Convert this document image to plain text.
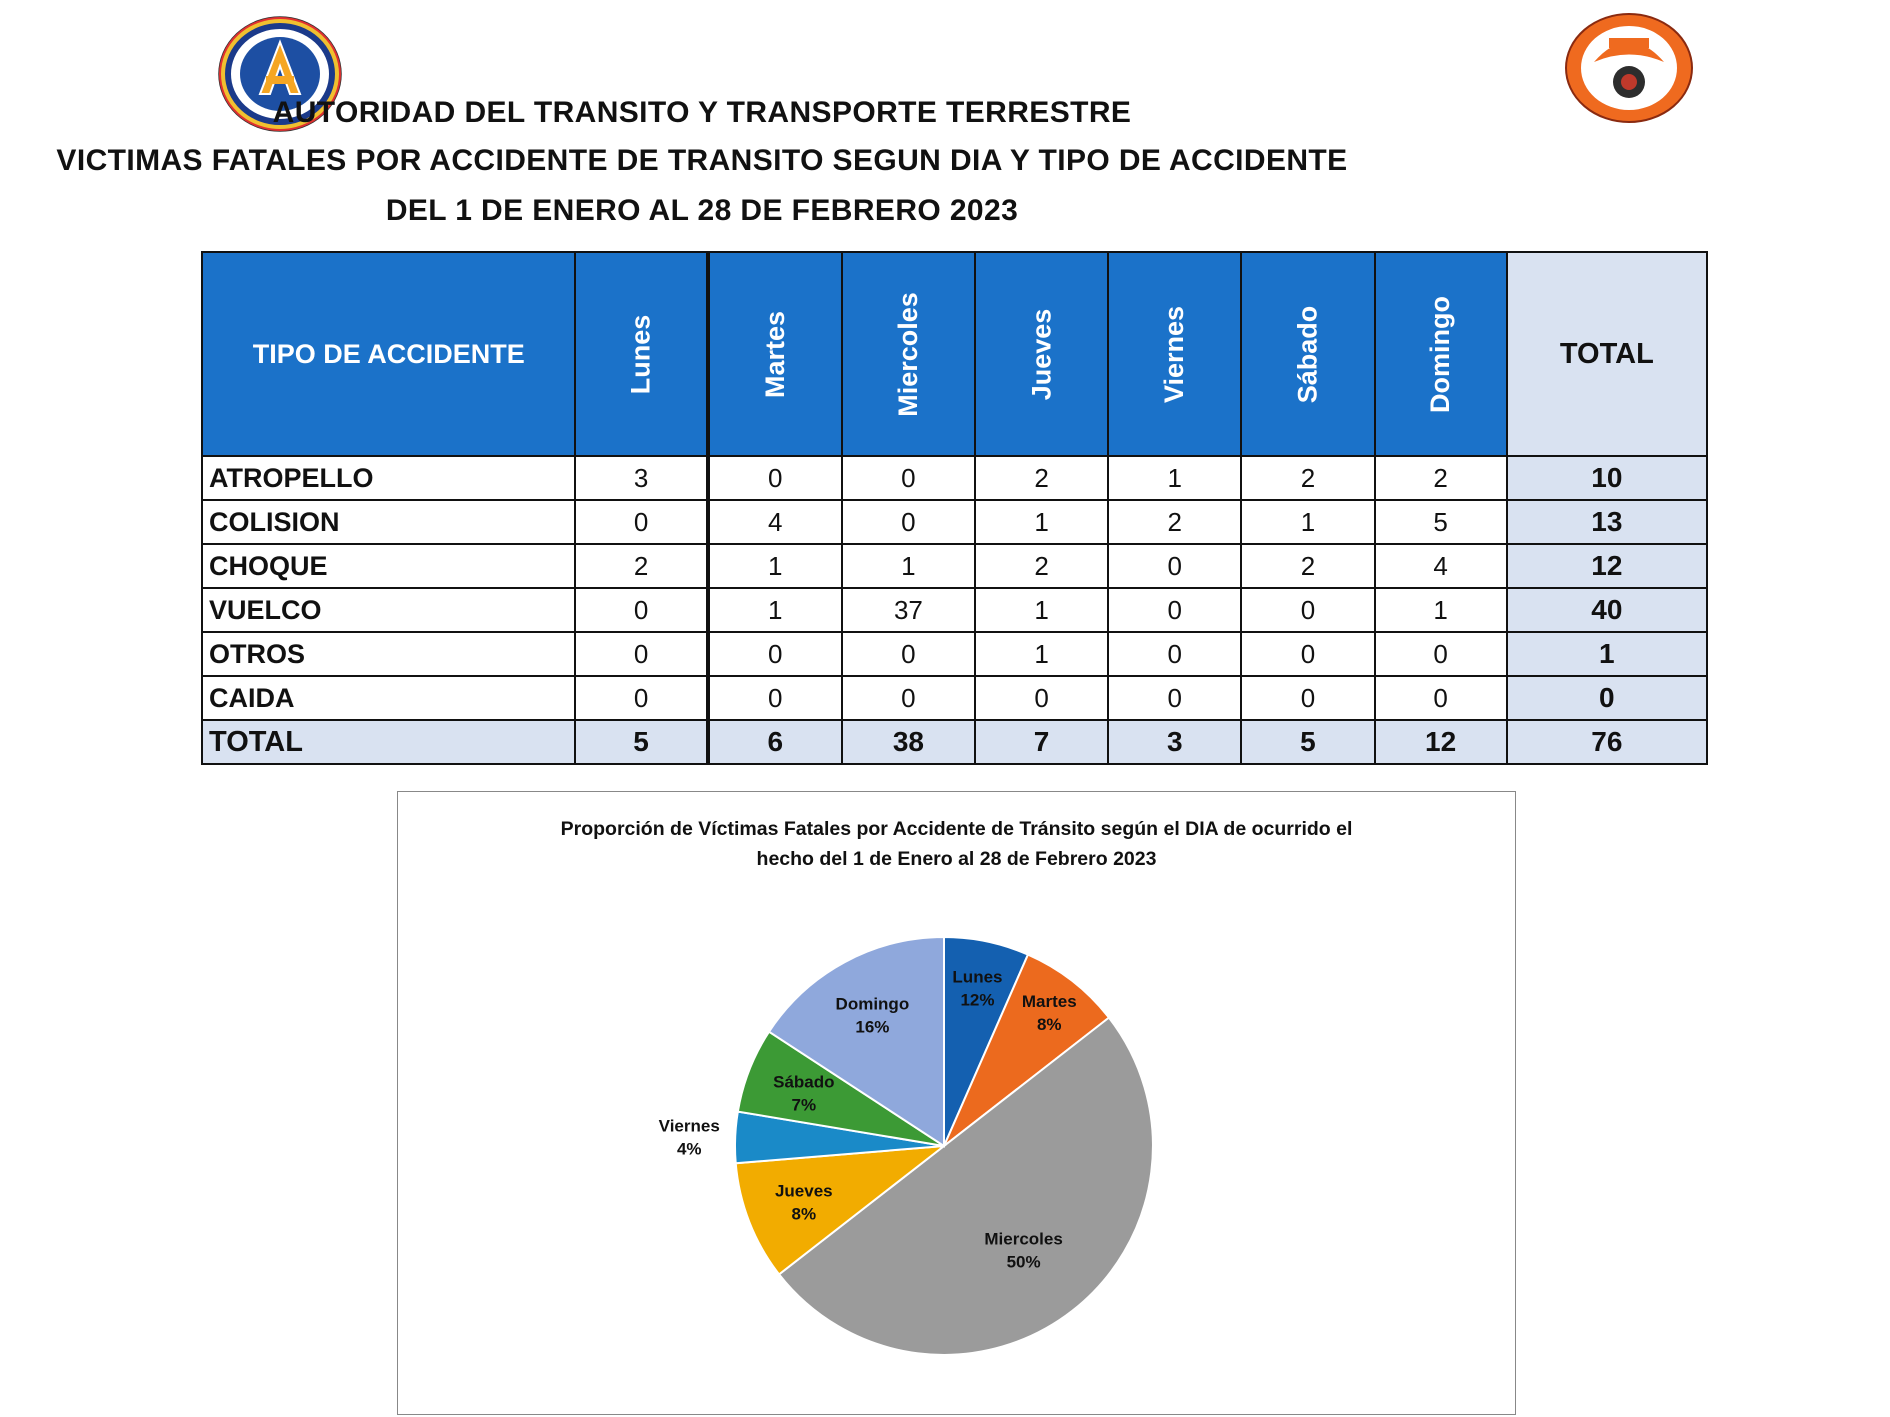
AUTORIDAD DEL TRANSITO Y TRANSPORTE TERRESTRE
VICTIMAS FATALES POR ACCIDENTE DE TRANSITO SEGUN DIA Y TIPO DE ACCIDENTE
DEL 1 DE ENERO AL 28 DE FEBRERO 2023
TIPO DE ACCIDENTE	Lunes	Martes	Miercoles	Jueves	Viernes	Sábado	Domingo	TOTAL
ATROPELLO	3	0	0	2	1	2	2	10
COLISION	0	4	0	1	2	1	5	13
CHOQUE	2	1	1	2	0	2	4	12
VUELCO	0	1	37	1	0	0	1	40
OTROS	0	0	0	1	0	0	0	1
CAIDA	0	0	0	0	0	0	0	0
TOTAL	5	6	38	7	3	5	12	76
Proporción de Víctimas Fatales por Accidente de Tránsito según el DIA de ocurrido el
hecho del 1 de Enero al 28 de Febrero 2023
Lunes
12% Martes
8%
Miercoles
50%
Jueves
8%
Viernes
4%
Sábado
7%
Domingo
16%
